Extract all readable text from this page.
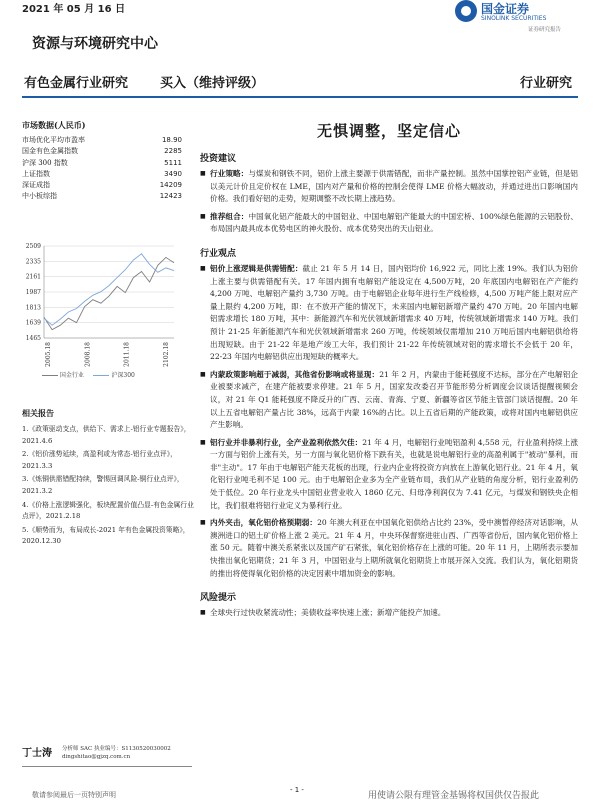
2021 年 05 月 16 日	国金证券
SINOLINK SECURITIES
证券研究报告
资源与环境研究中心
有色金属行业研究 买入（维持评级）	行业研究
市场数据(人民币)
市场优化平均市盈率	18.90
国金有色金属指数	2285
沪深 300 指数	5111
上证指数	3490
深证成指	14209
中小板综指	12423
1465
1639
1813
1987
2161
2335
2509
2005.18	2008.18	2011.18	2102.18
国金行业	沪深300
相关报告
1.《政策驱动支点，供给下、需求上-铝行业专题报告》，2021.4.6
2.《铝价涨势延续，高盈利或为常态-铝行业点评》，2021.3.3
3.《炼铜供需错配持续，警惕回调风险-铜行业点评》，2021.3.2
4.《价格上涨逻辑强化，板块配置价值凸显-有色金属行业点评》，2021.2.18
5.《顺势而为，布局成长-2021 年有色金属投资策略》，2020.12.30
丁士涛 分析师 SAC 执业编号：S1130520030002
dingshitao@gjzq.com.cn
无惧调整，坚定信心
投资建议
■ 行业策略：与煤炭和钢铁不同，铝价上涨主要源于供需错配，而非产量控制。虽然中国掌控铝产业链，但是铝以美元计价且定价权在 LME，国内对产量和价格的控制会使得 LME 价格大幅波动，并通过进出口影响国内价格。我们看好铝的走势，短期调整不改长期上涨趋势。
■ 推荐组合：中国氧化铝产能最大的中国铝业、中国电解铝产能最大的中国宏桥、100%绿色能源的云铝股份、布局国内最具成本优势电区的神火股份、成本优势突出的天山铝业。
行业观点
■ 铝价上涨逻辑是供需错配：截止 21 年 5 月 14 日，国内铝均价 16,922 元，同比上涨 19%。我们认为铝价上涨主要与供需错配有关。17 年国内拥有电解铝产能设定在 4,500万吨，20 年底国内电解铝在产产能约 4,200 万吨、电解铝产量约 3,730 万吨。由于电解铝企业每年进行生产线检修，4,500 万吨产能上限对应产量上限约 4,200 万吨，即：在不放开产能的情况下，未来国内电解铝新增产量约 470 万吨。20 年国内电解铝需求增长 180 万吨，其中：新能源汽车和光伏领域新增需求 40 万吨，传统领域新增需求 140 万吨。我们预计 21-25 年新能源汽车和光伏领域新增需求 260 万吨，传统领域仅需增加 210 万吨后国内电解铝供给将出现短缺。由于 21-22 年是地产竣工大年，我们预计 21-22 年传统领域对铝的需求增长不会低于 20 年，22-23 年国内电解铝供应出现短缺的概率大。
■ 内蒙政策影响超于减弱，其他省份影响或将显现：21 年 2 月，内蒙由于能耗强度不达标，部分在产电解铝企业被要求减产，在建产能被要求停建。21 年 5 月，国家发改委召开节能形势分析调度会议谈话提醒视频会议，对 21 年 Q1 能耗强度不降反升的广西、云南、青海、宁夏、新疆等省区节能主管部门谈话提醒。20 年以上五省电解铝产量占比 38%，远高于内蒙 16%的占比。以上五省后期的产能政策，或将对国内电解铝供应产生影响。
■ 铝行业并非暴利行业，全产业盈利依然欠佳：21 年 4 月，电解铝行业吨铝盈利 4,558 元，行业盈利持续上涨一方面与铝价上涨有关，另一方面与氧化铝价格下跌有关，也就是说电解铝行业的高盈利属于"被动"暴利，而非"主动"。17 年由于电解铝产能天花板的出现，行业内企业将投资方向放在上游氧化铝行业。21 年 4 月，氧化铝行业吨毛利不足 100 元。由于电解铝企业多为全产业链布局，我们从产业链的角度分析，铝行业盈利仍处于低位。20 年行业龙头中国铝业营业收入 1860 亿元、归母净利润仅为 7.41 亿元，与煤炭和钢铁央企相比，我们很难将铝行业定义为暴利行业。
■ 内外夹击，氧化铝价格预期弱：20 年澳大利亚在中国氧化铝供给占比约 23%，受中澳暂停经济对话影响，从澳洲进口的铝土矿价格上涨 2 美元。21 年 4 月，中央环保督察进驻山西、广西等省份后，国内氧化铝价格上涨 50 元。随着中澳关系紧张以及国产矿石紧张，氧化铝价格存在上涨的可能。20 年 11 月，上期所表示要加快推出氧化铝期货；21 年 3 月，中国铝业与上期所就氧化铝期货上市展开深入交流。我们认为，氧化铝期货的推出将使得氧化铝价格的决定因素中增加资金的影响。
风险提示
■ 全球央行过快收紧流动性；美债收益率快速上涨；新增产能投产加速。
敬请参阅最后一页特别声明
- 1 -
用使请公限有理管金基锡将权国供仅告报此
